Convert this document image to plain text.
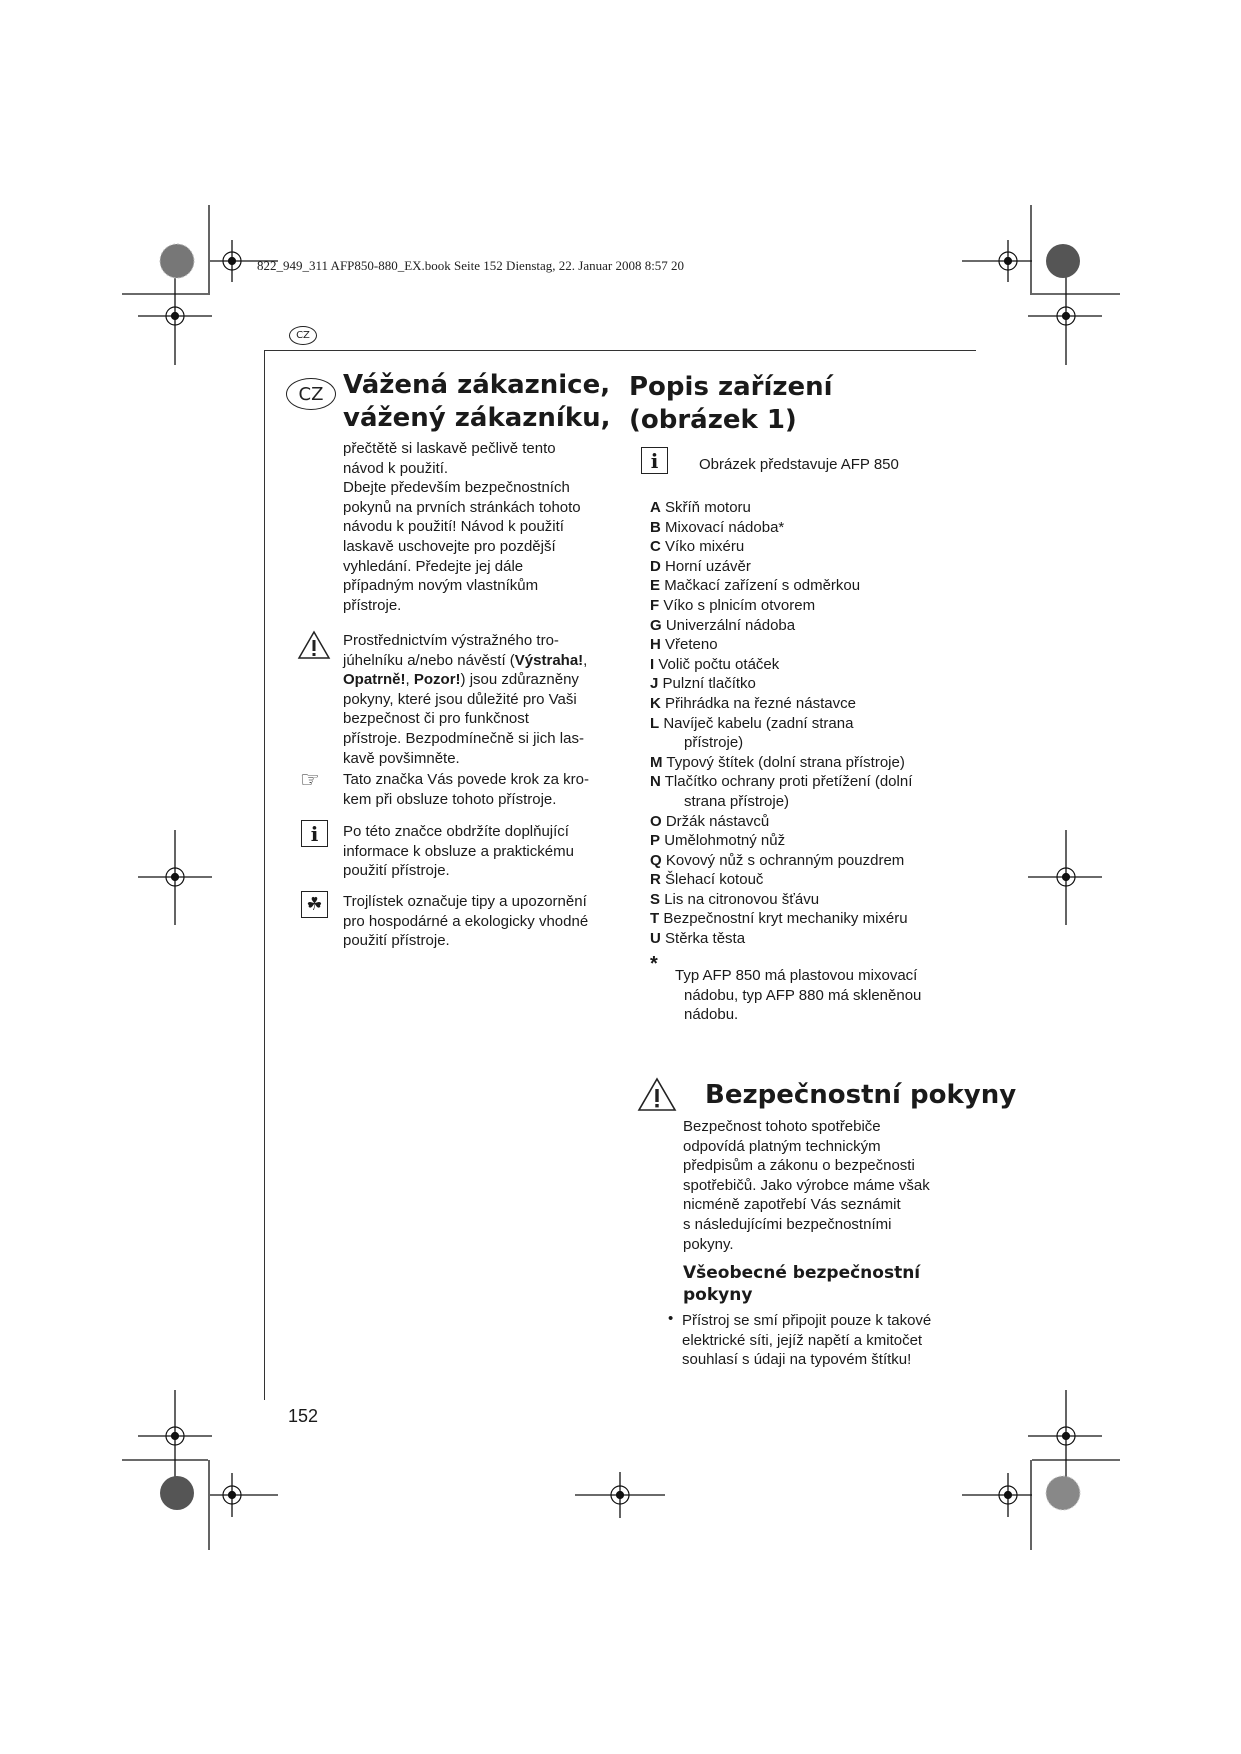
822_949_311 AFP850-880_EX.book Seite 152 Dienstag, 22. Januar 2008 8:57 20
CZ
CZ Vážená zákaznice,
vážený zákazníku,
přečtětě si laskavě pečlivě tento
návod k použití.
Dbejte především bezpečnostních
pokynů na prvních stránkách tohoto
návodu k použití! Návod k použití
laskavě uschovejte pro pozdější
vyhledání. Předejte jej dále
případným novým vlastníkům
přístroje.
Prostřednictvím výstražného tro-
júhelníku a/nebo návěstí (Výstraha!,
Opatrně!, Pozor!) jsou zdůrazněny
pokyny, které jsou důležité pro Vaši
bezpečnost či pro funkčnost
přístroje. Bezpodmínečně si jich las-
kavě povšimněte.
☞ Tato značka Vás povede krok za kro-
kem při obsluze tohoto přístroje.
i	Po této značce obdržíte doplňující
informace k obsluze a praktickému
použití přístroje.
☘	Trojlístek označuje tipy a upozornění
pro hospodárné a ekologicky vhodné
použití přístroje.
Popis zařízení
(obrázek 1)
i	Obrázek představuje AFP 850
A Skříň motoru
B Mixovací nádoba*
C Víko mixéru
D Horní uzávěr
E Mačkací zařízení s odměrkou
F Víko s plnicím otvorem
G Univerzální nádoba
H Vřeteno
I Volič počtu otáček
J Pulzní tlačítko
K Přihrádka na řezné nástavce
L Navíječ kabelu (zadní strana
přístroje)
M Typový štítek (dolní strana přístroje)
N Tlačítko ochrany proti přetížení (dolní
strana přístroje)
O Držák nástavců
P Umělohmotný nůž
Q Kovový nůž s ochranným pouzdrem
R Šlehací kotouč
S Lis na citronovou šťávu
T Bezpečnostní kryt mechaniky mixéru
U Stěrka těsta
*
Typ AFP 850 má plastovou mixovací
nádobu, typ AFP 880 má skleněnou
nádobu.
Bezpečnostní pokyny
Bezpečnost tohoto spotřebiče
odpovídá platným technickým
předpisům a zákonu o bezpečnosti
spotřebičů. Jako výrobce máme však
nicméně zapotřebí Vás seznámit
s následujícími bezpečnostními
pokyny.
Všeobecné bezpečnostní
pokyny
• Přístroj se smí připojit pouze k takové
elektrické síti, jejíž napětí a kmitočet
souhlasí s údaji na typovém štítku!
152
